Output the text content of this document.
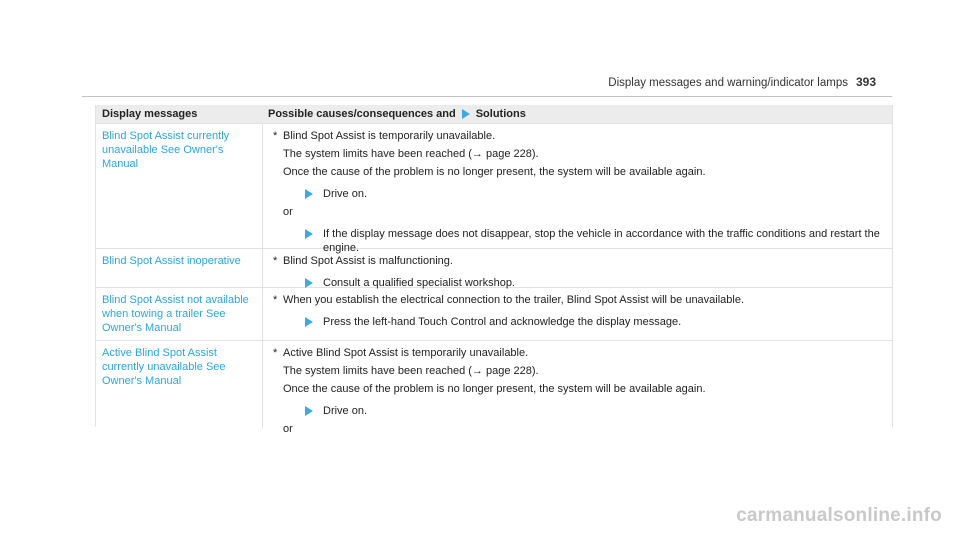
Display messages and warning/indicator lamps 393
Display messages	Possible causes/consequences and Solutions
Blind Spot Assist currently unavailable See Owner's Manual
* Blind Spot Assist is temporarily unavailable.
The system limits have been reached (→ page 228).
Once the cause of the problem is no longer present, the system will be available again.
Drive on.
or
If the display message does not disappear, stop the vehicle in accordance with the traffic conditions and restart the engine.
Blind Spot Assist inoperative	* Blind Spot Assist is malfunctioning.
Consult a qualified specialist workshop.
Blind Spot Assist not available when towing a trailer See Owner's Manual
* When you establish the electrical connection to the trailer, Blind Spot Assist will be unavailable.
Press the left-hand Touch Control and acknowledge the display message.
Active Blind Spot Assist currently unavailable See Owner's Manual
* Active Blind Spot Assist is temporarily unavailable.
The system limits have been reached (→ page 228).
Once the cause of the problem is no longer present, the system will be available again.
Drive on.
or
carmanualsonline.info
